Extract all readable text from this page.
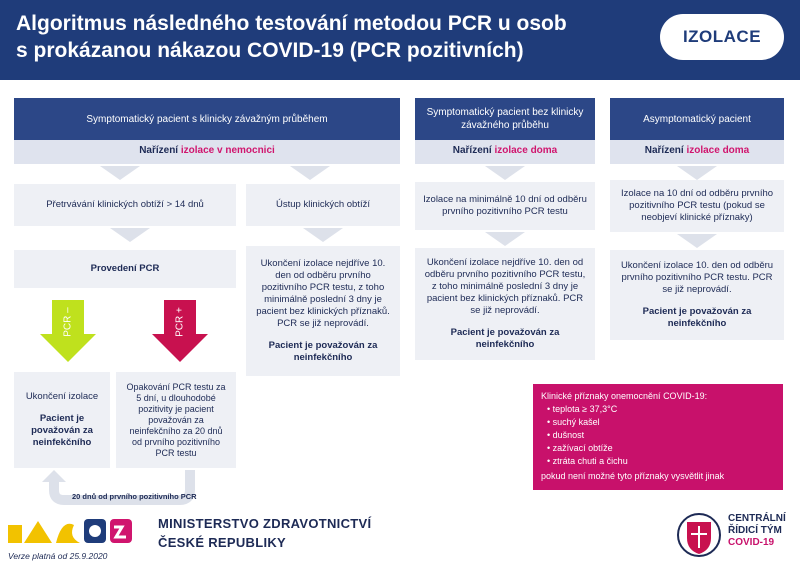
Algoritmus následného testování metodou PCR u osob
s prokázanou nákazou COVID-19 (PCR pozitivních)
IZOLACE
Symptomatický pacient s klinicky závažným průběhem
Nařízení izolace v nemocnici
Přetrvávání klinických obtíží > 14 dnů	Ústup klinických obtíží
Provedení PCR	Ukončení izolace nejdříve 10. den od odběru prvního pozitivního PCR testu, z toho minimálně poslední 3 dny je pacient bez klinických příznaků. PCR se již neprovádí.
Pacient je považován za neinfekčního
PCR –	PCR +
Ukončení izolace
Pacient je považován za neinfekčního
Opakování PCR testu za 5 dní, u dlouhodobé pozitivity je pacient považován za neinfekčního za 20 dnů od prvního pozitivního PCR testu
20 dnů od prvního pozitivního PCR
Symptomatický pacient bez klinicky závažného průběhu
Nařízení izolace doma
Izolace na minimálně 10 dní od odběru prvního pozitivního PCR testu
Ukončení izolace nejdříve 10. den od odběru prvního pozitivního PCR testu, z toho minimálně poslední 3 dny je pacient bez klinických příznaků. PCR se již neprovádí.
Pacient je považován za neinfekčního
Asymptomatický pacient
Nařízení izolace doma
Izolace na 10 dní od odběru prvního pozitivního PCR testu (pokud se neobjeví klinické příznaky)
Ukončení izolace 10. den od odběru prvního pozitivního PCR testu. PCR se již neprovádí.
Pacient je považován za neinfekčního
Klinické příznaky onemocnění COVID-19:
• teplota ≥ 37,3°C
• suchý kašel
• dušnost
• zažívací obtíže
• ztráta chuti a čichu
pokud není možné tyto příznaky vysvětlit jinak
MINISTERSTVO ZDRAVOTNICTVÍ
ČESKÉ REPUBLIKY
Verze platná od 25.9.2020
CENTRÁLNÍ
ŘÍDICÍ TÝM
COVID-19
